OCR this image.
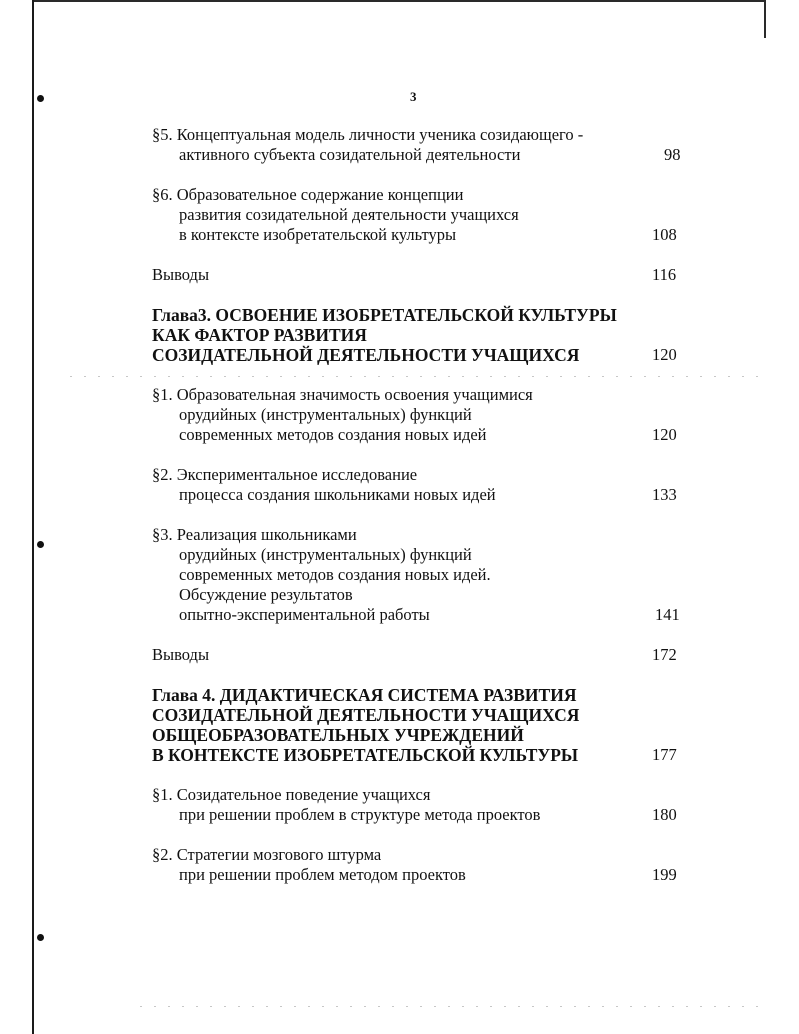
3
§5. Концептуальная модель личности ученика созидающего -
активного субъекта созидательной деятельности	98
§6. Образовательное содержание концепции
развития созидательной деятельности учащихся
в контексте изобретательской культуры	108
Выводы	116
Глава3. ОСВОЕНИЕ ИЗОБРЕТАТЕЛЬСКОЙ КУЛЬТУРЫ
КАК ФАКТОР РАЗВИТИЯ
СОЗИДАТЕЛЬНОЙ ДЕЯТЕЛЬНОСТИ УЧАЩИХСЯ	120
§1. Образовательная значимость освоения учащимися
орудийных (инструментальных) функций
современных методов создания новых идей	120
§2. Экспериментальное исследование
процесса создания школьниками новых идей	133
§3. Реализация школьниками
орудийных (инструментальных) функций
современных методов создания новых идей.
Обсуждение результатов
опытно-экспериментальной работы	141
Выводы	172
Глава 4. ДИДАКТИЧЕСКАЯ СИСТЕМА РАЗВИТИЯ
СОЗИДАТЕЛЬНОЙ ДЕЯТЕЛЬНОСТИ УЧАЩИХСЯ
ОБЩЕОБРАЗОВАТЕЛЬНЫХ УЧРЕЖДЕНИЙ
В КОНТЕКСТЕ ИЗОБРЕТАТЕЛЬСКОЙ КУЛЬТУРЫ	177
§1. Созидательное поведение учащихся
при решении проблем в структуре метода проектов	180
§2. Стратегии мозгового штурма
при решении проблем методом проектов	199
